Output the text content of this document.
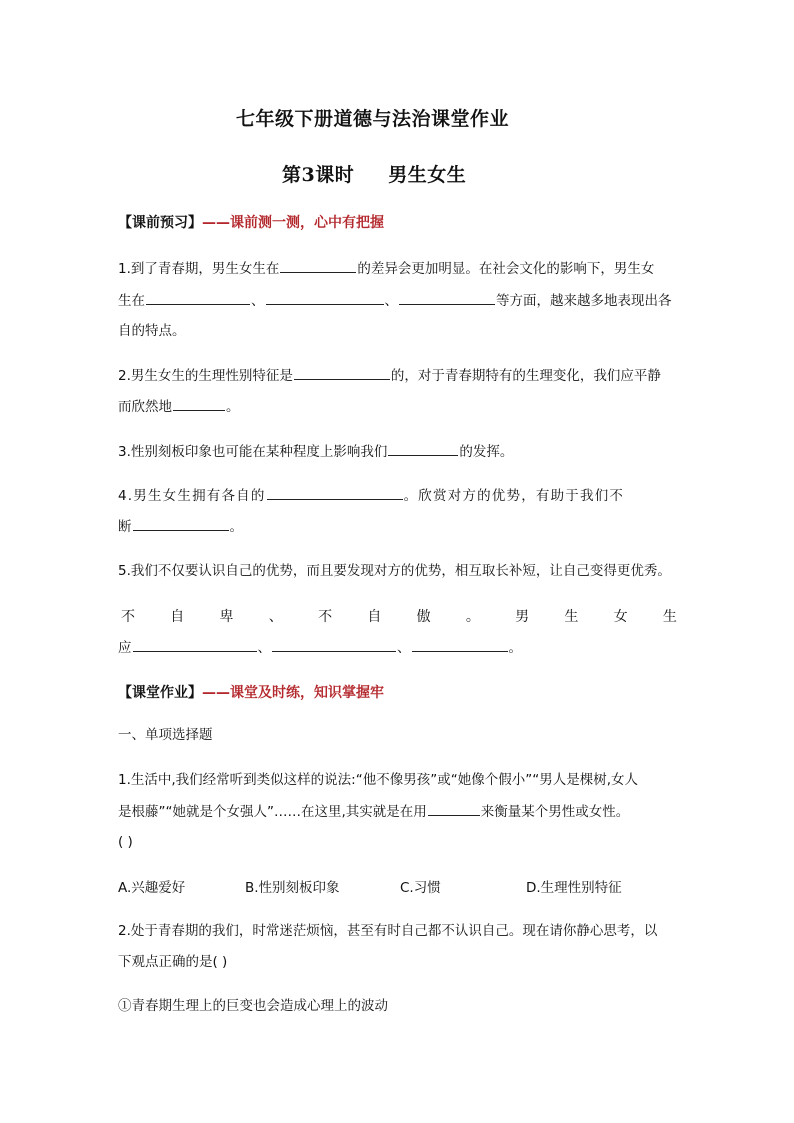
七年级下册道德与法治课堂作业
第3课时 男生女生
【课前预习】——课前测一测，心中有把握
1.到了青春期，男生女生在	的差异会更加明显。在社会文化的影响下，男生女
生在	、	、	等方面，越来越多地表现出各
自的特点。
2.男生女生的生理性别特征是	的，对于青春期特有的生理变化，我们应平静
而欣然地	。
3.性别刻板印象也可能在某种程度上影响我们	的发挥。
4.男生女生拥有各自的	。欣赏对方的优势，有助于我们不
断	。
5.我们不仅要认识自己的优势，而且要发现对方的优势，相互取长补短，让自己变得更优秀。
不	自	卑	、	不	自	傲	。	男	生	女	生
应	、	、	。
【课堂作业】——课堂及时练，知识掌握牢
一、单项选择题
1.生活中,我们经常听到类似这样的说法:“他不像男孩”或“她像个假小”“男人是棵树,女人
是根藤”“她就是个女强人”……在这里,其实就是在用	来衡量某个男性或女性。
( )
A.兴趣爱好	B.性别刻板印象	C.习惯	D.生理性别特征
2.处于青春期的我们，时常迷茫烦恼，甚至有时自己都不认识自己。现在请你静心思考，以
下观点正确的是( )
①青春期生理上的巨变也会造成心理上的波动
